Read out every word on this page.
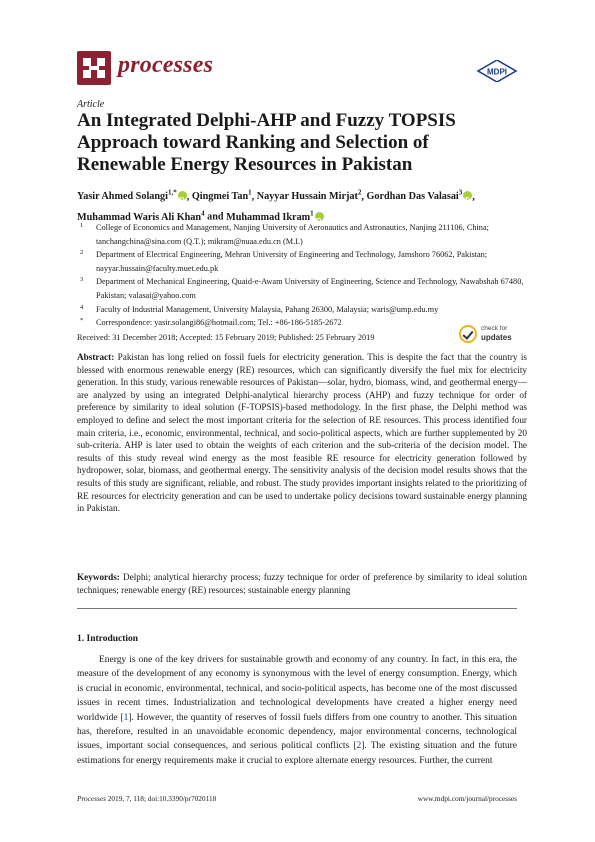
processes	MDPI
Article
An Integrated Delphi-AHP and Fuzzy TOPSIS Approach toward Ranking and Selection of Renewable Energy Resources in Pakistan
Yasir Ahmed Solangi$^{1,*}$iD , Qingmei Tan$^1$, Nayyar Hussain Mirjat$^2$, Gordhan Das Valasai$^3$iD , Muhammad Waris Ali Khan$^4$ and Muhammad Ikram$^1$iD
1 College of Economics and Management, Nanjing University of Aeronautics and Astronautics, Nanjing 211106, China; tanchangchina@sina.com (Q.T.); mikram@nuaa.edu.cn (M.I.)
2 Department of Electrical Engineering, Mehran University of Engineering and Technology, Jamshoro 76062, Pakistan; nayyar.hussain@faculty.muet.edu.pk
3 Department of Mechanical Engineering, Quaid-e-Awam University of Engineering, Science and Technology, Nawabshah 67480, Pakistan; valasai@yahoo.com
4 Faculty of Industrial Management, University Malaysia, Pahang 26300, Malaysia; waris@ump.edu.my
* Correspondence: yasir.solangi86@hotmail.com; Tel.: +86-186-5185-2672
Received: 31 December 2018; Accepted: 15 February 2019; Published: 25 February 2019
check for
updates
Abstract: Pakistan has long relied on fossil fuels for electricity generation. This is despite the fact that the country is blessed with enormous renewable energy (RE) resources, which can significantly diversify the fuel mix for electricity generation. In this study, various renewable resources of Pakistan—solar, hydro, biomass, wind, and geothermal energy—are analyzed by using an integrated Delphi-analytical hierarchy process (AHP) and fuzzy technique for order of preference by similarity to ideal solution (F-TOPSIS)-based methodology. In the first phase, the Delphi method was employed to define and select the most important criteria for the selection of RE resources. This process identified four main criteria, i.e., economic, environmental, technical, and socio-political aspects, which are further supplemented by 20 sub-criteria. AHP is later used to obtain the weights of each criterion and the sub-criteria of the decision model. The results of this study reveal wind energy as the most feasible RE resource for electricity generation followed by hydropower, solar, biomass, and geothermal energy. The sensitivity analysis of the decision model results shows that the results of this study are significant, reliable, and robust. The study provides important insights related to the prioritizing of RE resources for electricity generation and can be used to undertake policy decisions toward sustainable energy planning in Pakistan.
Keywords: Delphi; analytical hierarchy process; fuzzy technique for order of preference by similarity to ideal solution techniques; renewable energy (RE) resources; sustainable energy planning
1. Introduction
Energy is one of the key drivers for sustainable growth and economy of any country. In fact, in this era, the measure of the development of any economy is synonymous with the level of energy consumption. Energy, which is crucial in economic, environmental, technical, and socio-political aspects, has become one of the most discussed issues in recent times. Industrialization and technological developments have created a higher energy need worldwide [1]. However, the quantity of reserves of fossil fuels differs from one country to another. This situation has, therefore, resulted in an unavoidable economic dependency, major environmental concerns, technological issues, important social consequences, and serious political conflicts [2]. The existing situation and the future estimations for energy requirements make it crucial to explore alternate energy resources. Further, the current
Processes 2019, 7, 118; doi:10.3390/pr7020118	www.mdpi.com/journal/processes
